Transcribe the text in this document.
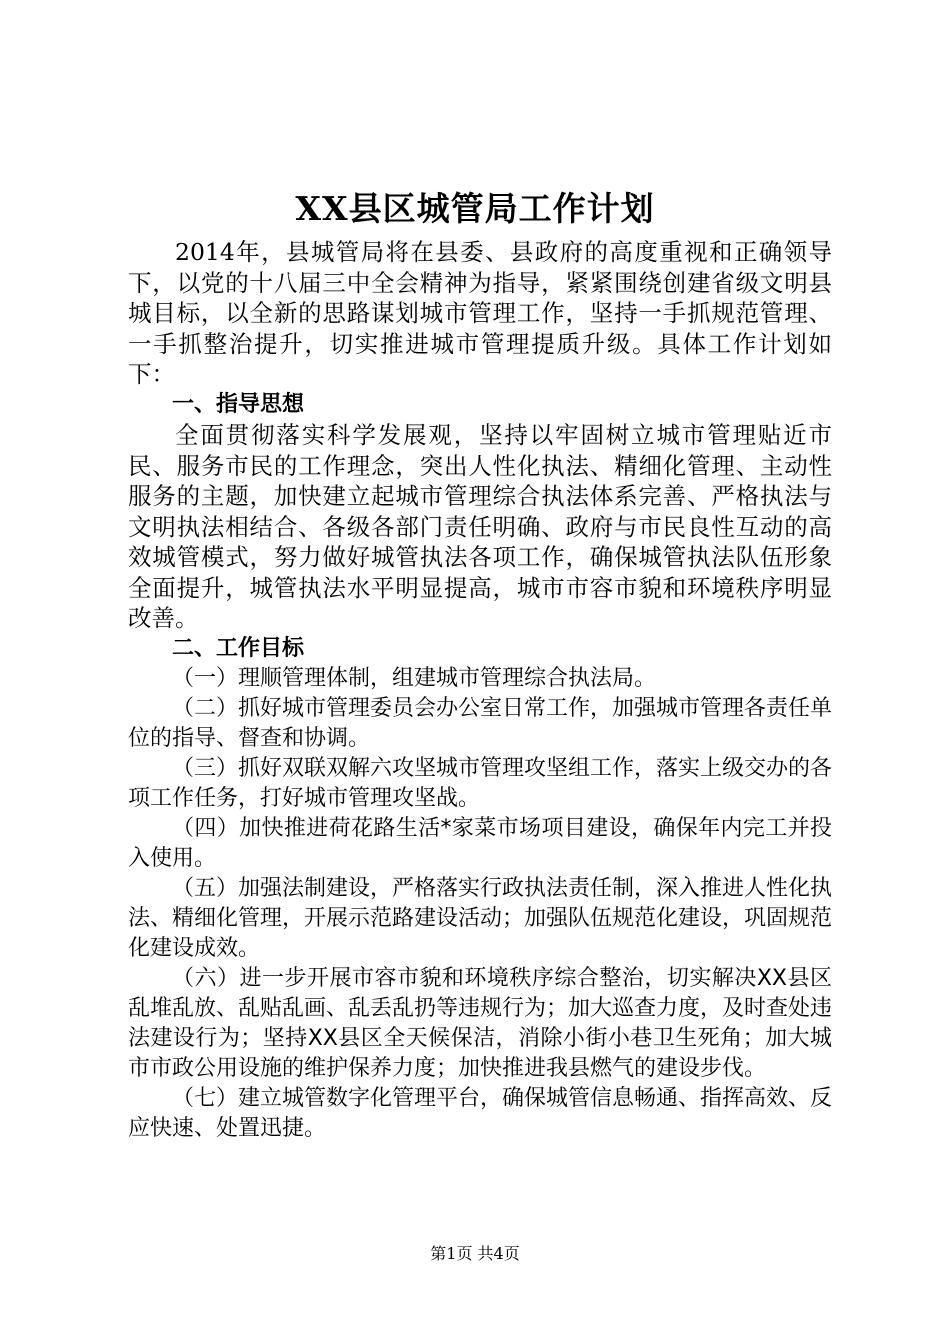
XX县区城管局工作计划

2014年，县城管局将在县委、县政府的高度重视和正确领导下，以党的十八届三中全会精神为指导，紧紧围绕创建省级文明县城目标，以全新的思路谋划城市管理工作，坚持一手抓规范管理、一手抓整治提升，切实推进城市管理提质升级。具体工作计划如下：

一、指导思想

全面贯彻落实科学发展观，坚持以牢固树立城市管理贴近市民、服务市民的工作理念，突出人性化执法、精细化管理、主动性服务的主题，加快建立起城市管理综合执法体系完善、严格执法与文明执法相结合、各级各部门责任明确、政府与市民良性互动的高效城管模式，努力做好城管执法各项工作，确保城管执法队伍形象全面提升，城管执法水平明显提高，城市市容市貌和环境秩序明显改善。

二、工作目标

（一）理顺管理体制，组建城市管理综合执法局。

（二）抓好城市管理委员会办公室日常工作，加强城市管理各责任单位的指导、督查和协调。

（三）抓好双联双解六攻坚城市管理攻坚组工作，落实上级交办的各项工作任务，打好城市管理攻坚战。

（四）加快推进荷花路生活*家菜市场项目建设，确保年内完工并投入使用。

（五）加强法制建设，严格落实行政执法责任制，深入推进人性化执法、精细化管理，开展示范路建设活动；加强队伍规范化建设，巩固规范化建设成效。

（六）进一步开展市容市貌和环境秩序综合整治，切实解决XX县区乱堆乱放、乱贴乱画、乱丢乱扔等违规行为；加大巡查力度，及时查处违法建设行为；坚持XX县区全天候保洁，消除小街小巷卫生死角；加大城市市政公用设施的维护保养力度；加快推进我县燃气的建设步伐。

（七）建立城管数字化管理平台，确保城管信息畅通、指挥高效、反应快速、处置迅捷。

第1页 共4页
